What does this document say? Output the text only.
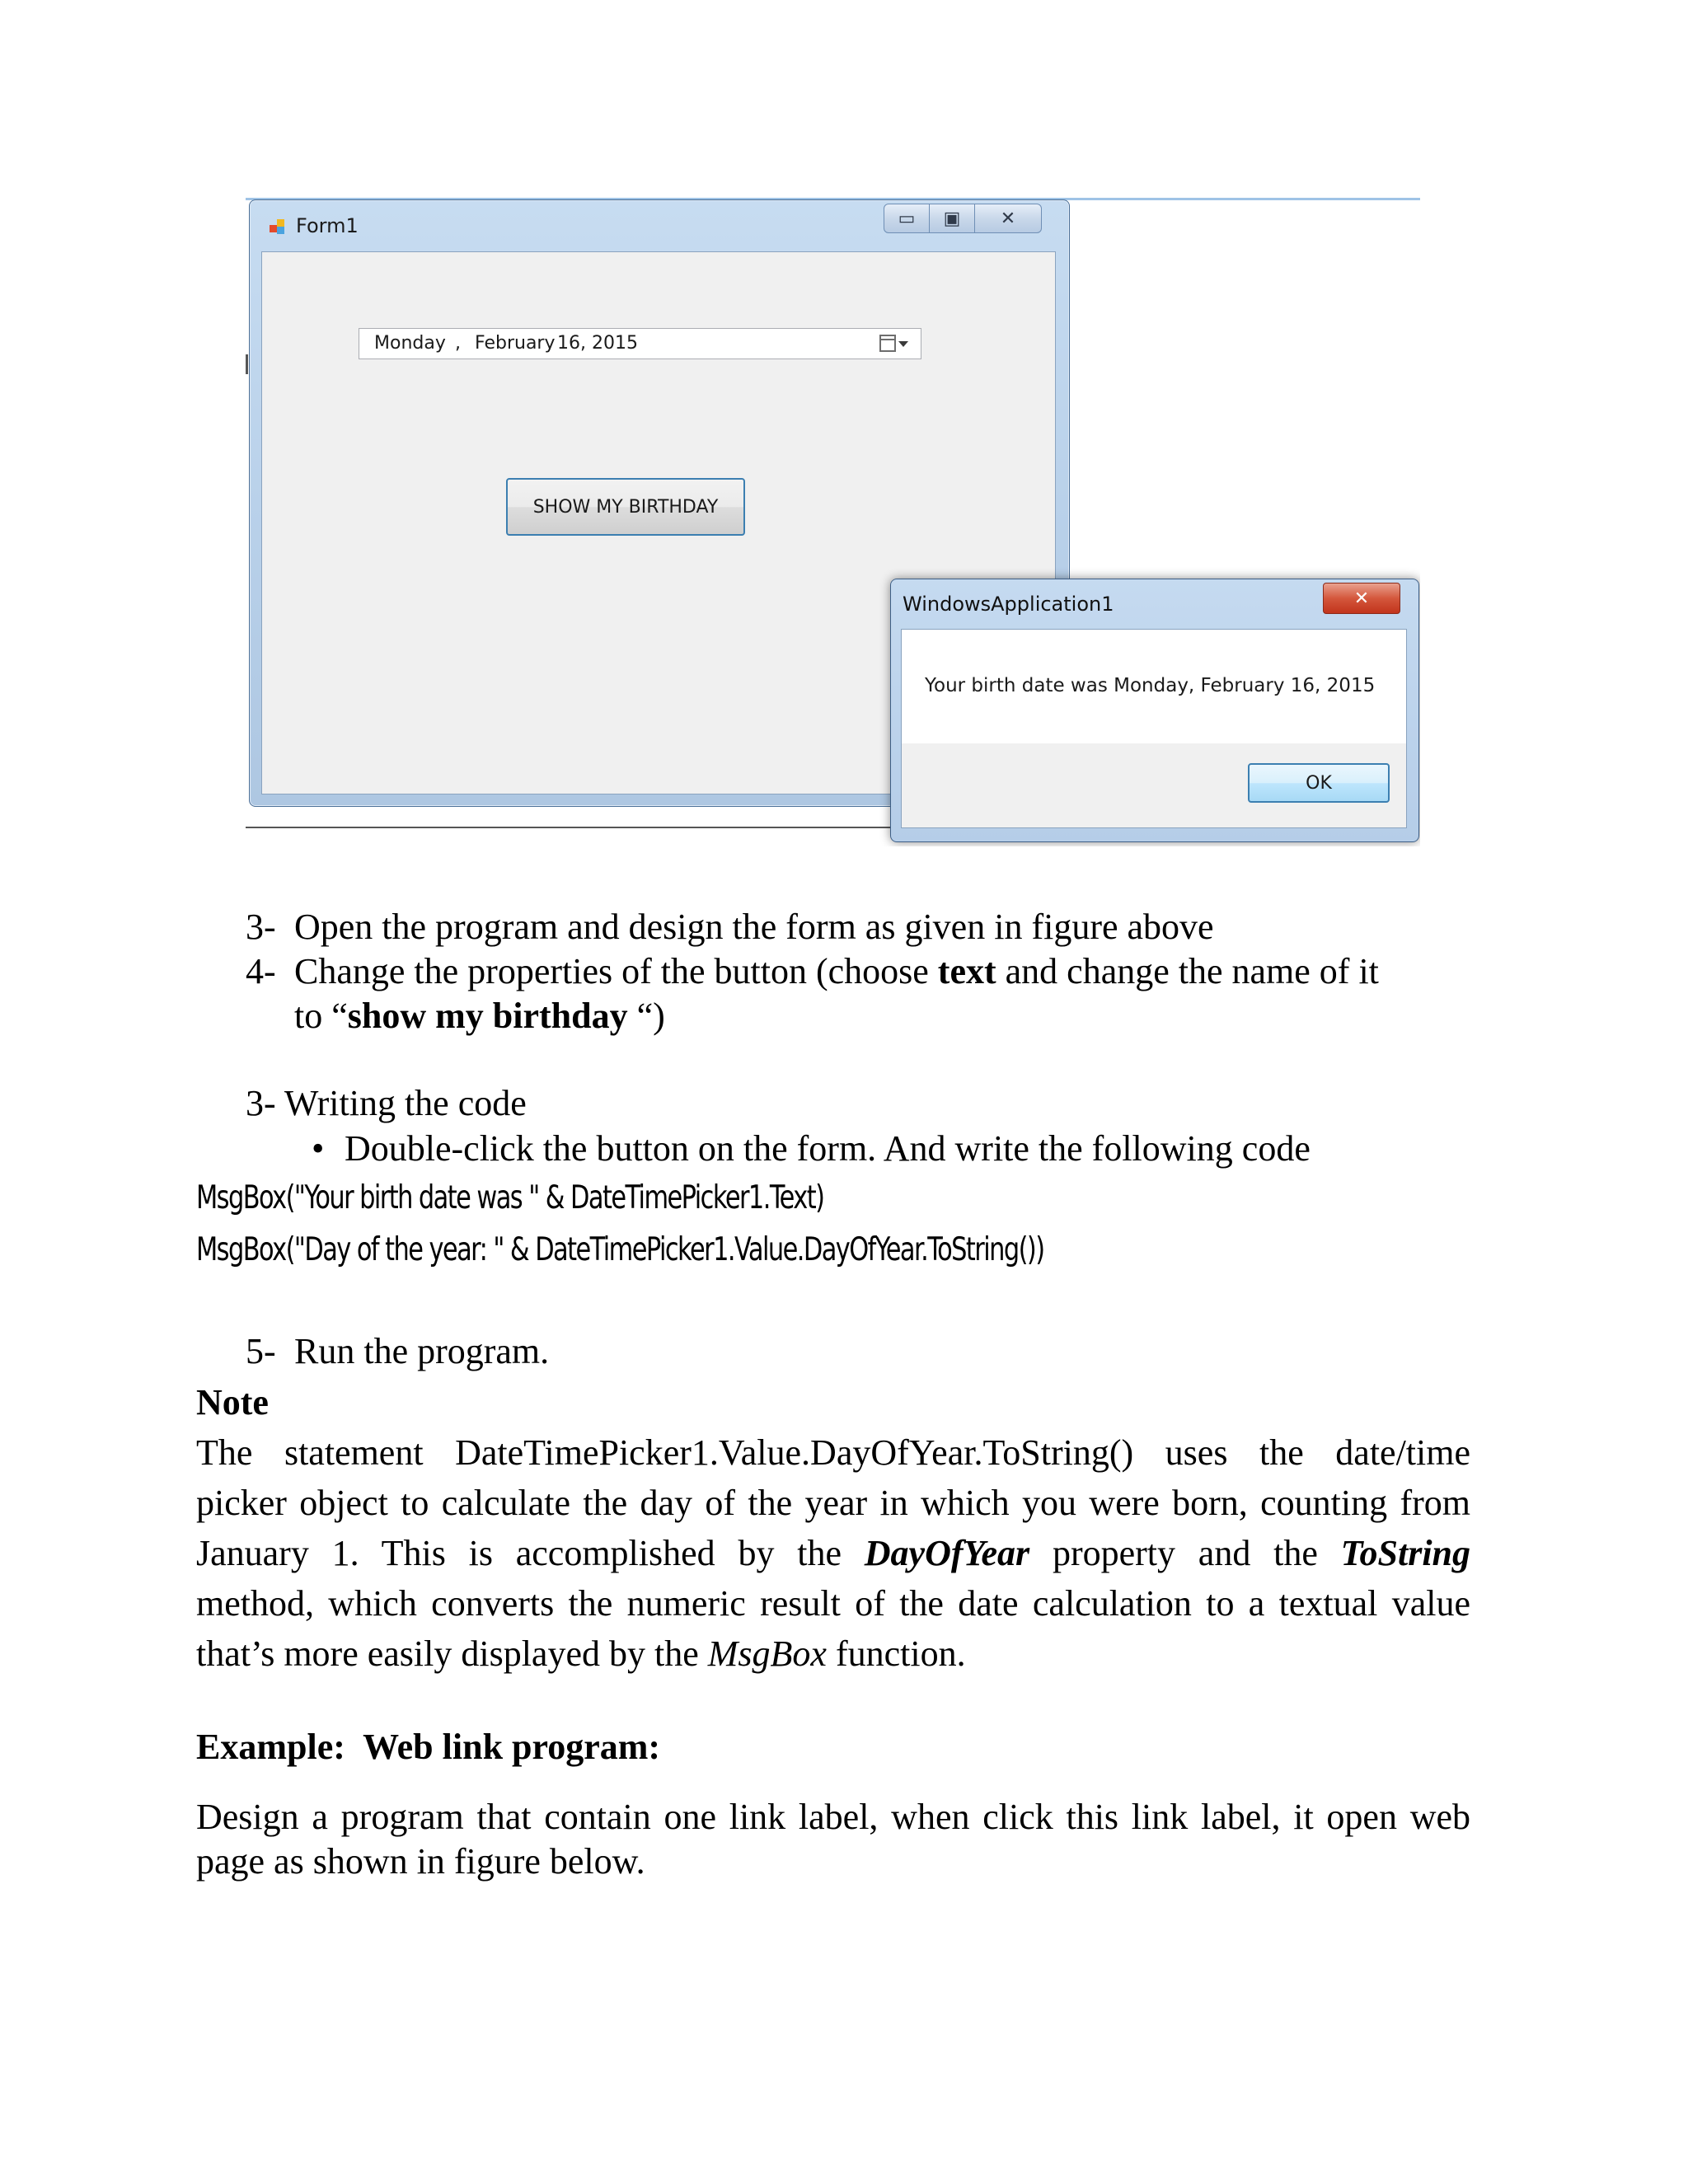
Form1	▭	▣	✕
Monday , February 16, 2015
SHOW MY BIRTHDAY
WindowsApplication1	✕
Your birth date was Monday, February 16, 2015
OK
3- Open the program and design the form as given in figure above
4- Change the properties of the button (choose text and change the name of it
to “show my birthday “)
3- Writing the code
• Double-click the button on the form. And write the following code
MsgBox("Your birth date was " & DateTimePicker1.Text)
MsgBox("Day of the year: " & DateTimePicker1.Value.DayOfYear.ToString())
5- Run the program.
Note
The statement DateTimePicker1.Value.DayOfYear.ToString() uses the date/time
picker object to calculate the day of the year in which you were born, counting from
January 1. This is accomplished by the DayOfYear property and the ToString
method, which converts the numeric result of the date calculation to a textual value
that’s more easily displayed by the MsgBox function.
Example:  Web link program:
Design a program that contain one link label, when click this link label, it open web
page as shown in figure below.
